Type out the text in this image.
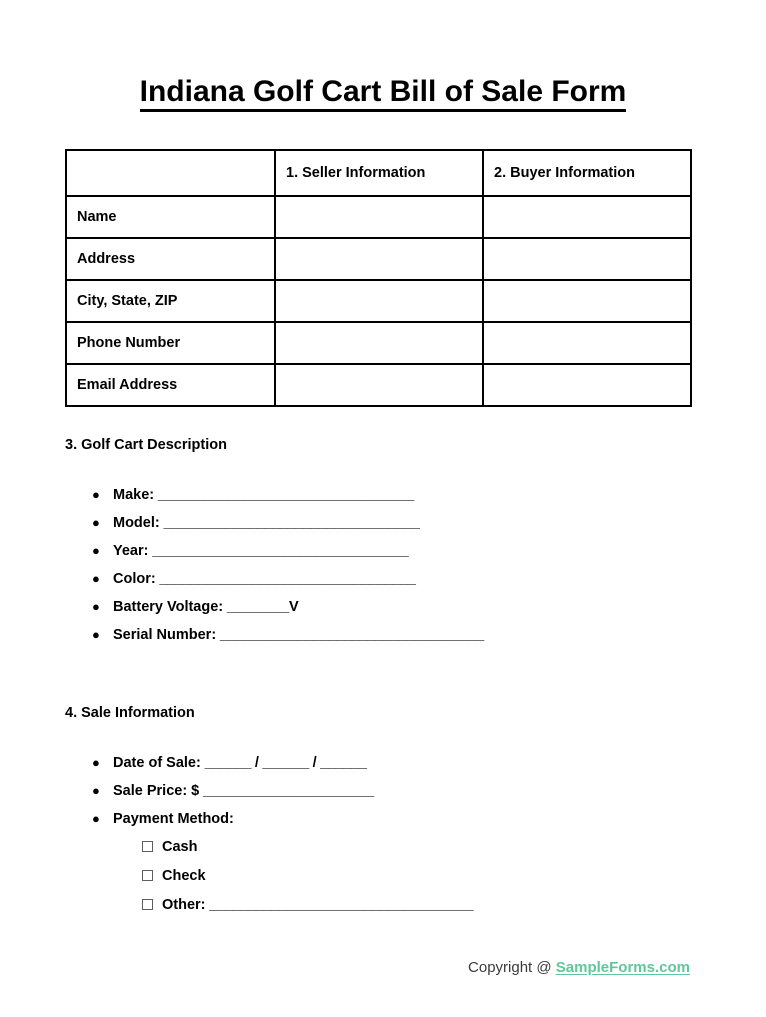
Indiana Golf Cart Bill of Sale Form
	1. Seller Information	2. Buyer Information
Name		
Address		
City, State, ZIP		
Phone Number		
Email Address		
3. Golf Cart Description
● Make: _________________________________
● Model: _________________________________
● Year: _________________________________
● Color: _________________________________
● Battery Voltage: ________V
● Serial Number: __________________________________
4. Sale Information
● Date of Sale: ______ / ______ / ______
● Sale Price: $ ______________________
● Payment Method:
Cash
Check
Other: __________________________________
Copyright @ SampleForms.com
